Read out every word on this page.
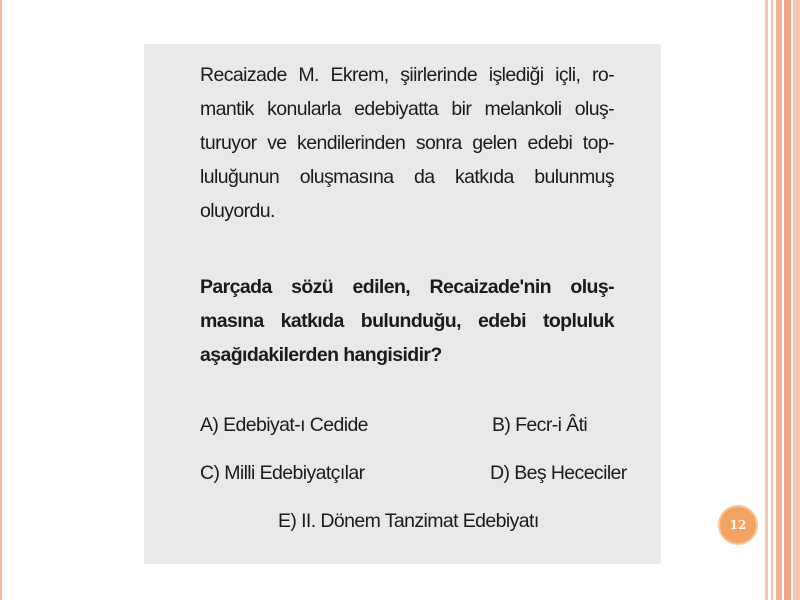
Recaizade M. Ekrem, şiirlerinde işlediği içli, ro-
mantik konularla edebiyatta bir melankoli oluş-
turuyor ve kendilerinden sonra gelen edebi top-
luluğunun oluşmasına da katkıda bulunmuş
oluyordu.
Parçada sözü edilen, Recaizade'nin oluş-
masına katkıda bulunduğu, edebi topluluk
aşağıdakilerden hangisidir?
A) Edebiyat-ı Cedide	B) Fecr-i Âti
C) Milli Edebiyatçılar	D) Beş Hececiler
E) II. Dönem Tanzimat Edebiyatı	12
